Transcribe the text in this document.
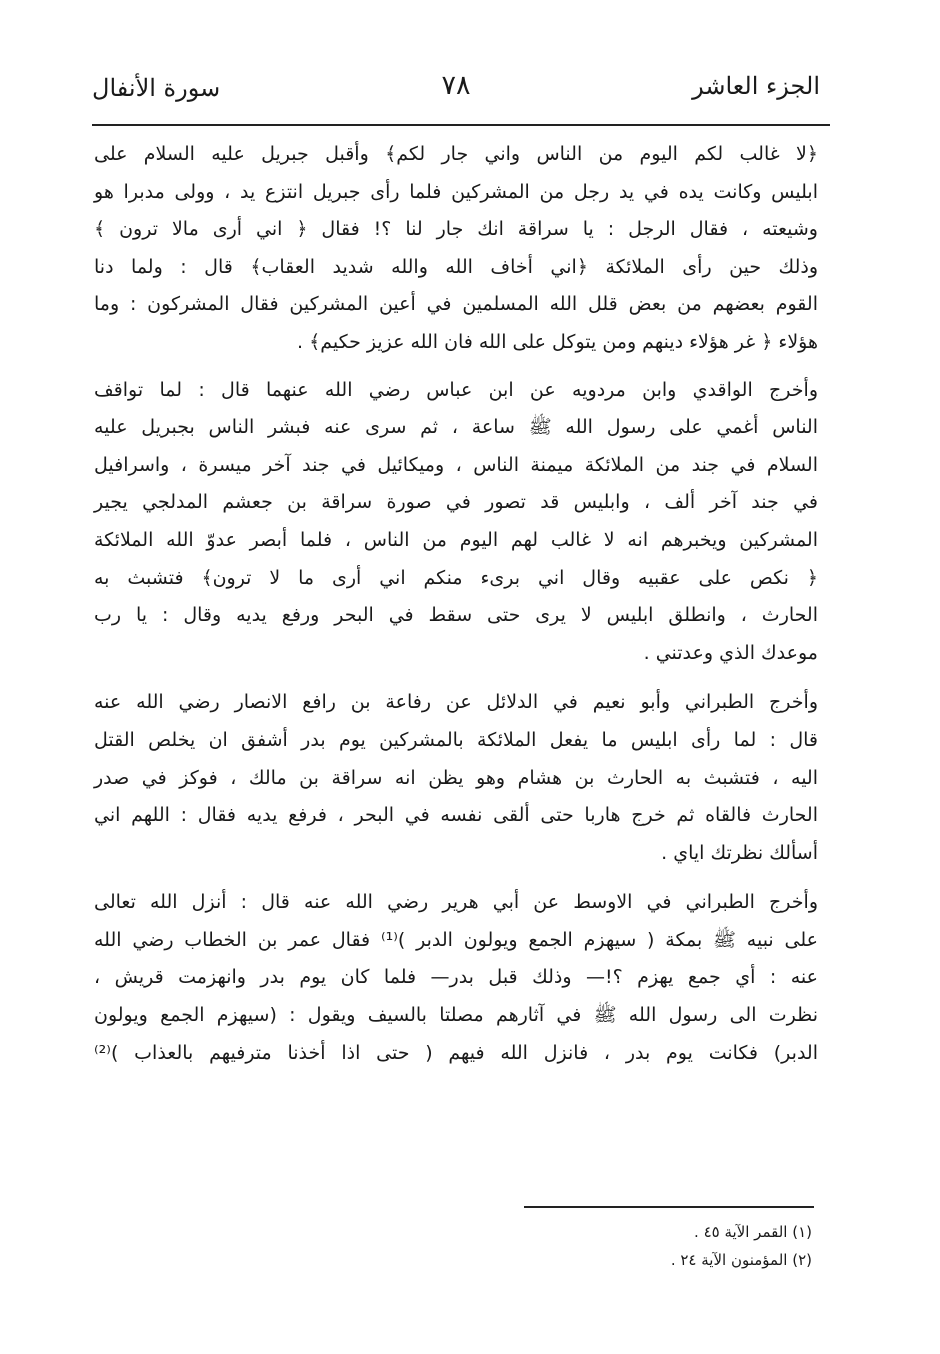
سورة الأنفال	٧٨	الجزء العاشر
﴿لا غالب لكم اليوم من الناس واني جار لكم﴾ وأقبل جبريل عليه السلام على
ابليس وكانت يده في يد رجل من المشركين فلما رأى جبريل انتزع يد ، وولى مدبرا هو
وشيعته ، فقال الرجل : يا سراقة انك جار لنا ؟! فقال ﴿ اني أرى مالا ترون ﴾
وذلك حين رأى الملائكة ﴿اني أخاف الله والله شديد العقاب﴾ قال : ولما دنا
القوم بعضهم من بعض قلل الله المسلمين في أعين المشركين فقال المشركون : وما
هؤلاء ﴿ غر هؤلاء دينهم ومن يتوكل على الله فان الله عزيز حكيم﴾ .
وأخرج الواقدي وابن مردويه عن ابن عباس رضي الله عنهما قال : لما تواقف
الناس أغمي على رسول الله ﷺ ساعة ، ثم سرى عنه فبشر الناس بجبريل عليه
السلام في جند من الملائكة ميمنة الناس ، وميكائيل في جند آخر ميسرة ، واسرافيل
في جند آخر ألف ، وابليس قد تصور في صورة سراقة بن جعشم المدلجي يجير
المشركين ويخبرهم انه لا غالب لهم اليوم من الناس ، فلما أبصر عدوّ الله الملائكة
﴿ نكص على عقبيه وقال اني برىء منكم اني أرى ما لا ترون﴾ فتشبث به
الحارث ، وانطلق ابليس لا يرى حتى سقط في البحر ورفع يديه وقال : يا رب
موعدك الذي وعدتني .
وأخرج الطبراني وأبو نعيم في الدلائل عن رفاعة بن رافع الانصار رضي الله عنه
قال : لما رأى ابليس ما يفعل الملائكة بالمشركين يوم بدر أشفق ان يخلص القتل
اليه ، فتشبث به الحارث بن هشام وهو يظن انه سراقة بن مالك ، فوكز في صدر
الحارث فالقاه ثم خرج هاربا حتى ألقى نفسه في البحر ، فرفع يديه فقال : اللهم اني
أسألك نظرتك اياي .
وأخرج الطبراني في الاوسط عن أبي هرير رضي الله عنه قال : أنزل الله تعالى
على نبيه ﷺ بمكة ( سيهزم الجمع ويولون الدبر )⁽¹⁾ فقال عمر بن الخطاب رضي الله
عنه : أي جمع يهزم ؟!— وذلك قبل بدر— فلما كان يوم بدر وانهزمت قريش ،
نظرت الى رسول الله ﷺ في آثارهم مصلتا بالسيف ويقول : (سيهزم الجمع ويولون
الدبر) فكانت يوم بدر ، فانزل الله فيهم ( حتى اذا أخذنا مترفيهم بالعذاب )⁽²⁾
(١) القمر الآية ٤٥ .
(٢) المؤمنون الآية ٢٤ .
